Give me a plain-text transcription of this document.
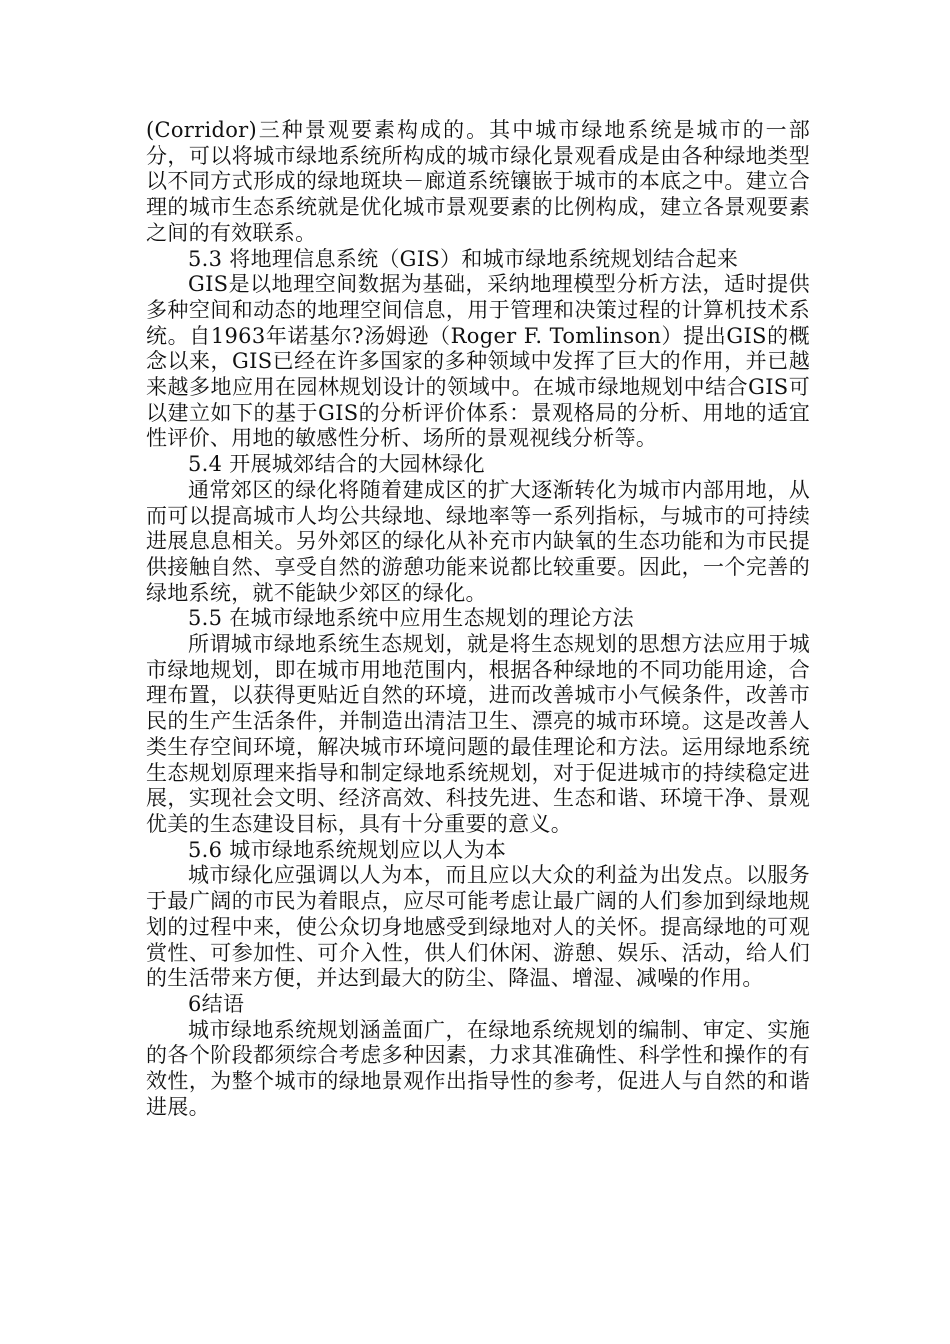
(Corridor)三种景观要素构成的。其中城市绿地系统是城市的一部分，可以将城市绿地系统所构成的城市绿化景观看成是由各种绿地类型以不同方式形成的绿地斑块－廊道系统镶嵌于城市的本底之中。建立合理的城市生态系统就是优化城市景观要素的比例构成，建立各景观要素之间的有效联系。

5.3 将地理信息系统（GIS）和城市绿地系统规划结合起来

GIS是以地理空间数据为基础，采纳地理模型分析方法，适时提供多种空间和动态的地理空间信息，用于管理和决策过程的计算机技术系统。自1963年诺基尔?汤姆逊（Roger F. Tomlinson）提出GIS的概念以来，GIS已经在许多国家的多种领域中发挥了巨大的作用，并已越来越多地应用在园林规划设计的领域中。在城市绿地规划中结合GIS可以建立如下的基于GIS的分析评价体系：景观格局的分析、用地的适宜性评价、用地的敏感性分析、场所的景观视线分析等。

5.4 开展城郊结合的大园林绿化

通常郊区的绿化将随着建成区的扩大逐渐转化为城市内部用地，从而可以提高城市人均公共绿地、绿地率等一系列指标，与城市的可持续进展息息相关。另外郊区的绿化从补充市内缺氧的生态功能和为市民提供接触自然、享受自然的游憩功能来说都比较重要。因此，一个完善的绿地系统，就不能缺少郊区的绿化。

5.5 在城市绿地系统中应用生态规划的理论方法

所谓城市绿地系统生态规划，就是将生态规划的思想方法应用于城市绿地规划，即在城市用地范围内，根据各种绿地的不同功能用途，合理布置，以获得更贴近自然的环境，进而改善城市小气候条件，改善市民的生产生活条件，并制造出清洁卫生、漂亮的城市环境。这是改善人类生存空间环境，解决城市环境问题的最佳理论和方法。运用绿地系统生态规划原理来指导和制定绿地系统规划，对于促进城市的持续稳定进展，实现社会文明、经济高效、科技先进、生态和谐、环境干净、景观优美的生态建设目标，具有十分重要的意义。

5.6 城市绿地系统规划应以人为本

城市绿化应强调以人为本，而且应以大众的利益为出发点。以服务于最广阔的市民为着眼点，应尽可能考虑让最广阔的人们参加到绿地规划的过程中来，使公众切身地感受到绿地对人的关怀。提高绿地的可观赏性、可参加性、可介入性，供人们休闲、游憩、娱乐、活动，给人们的生活带来方便，并达到最大的防尘、降温、增湿、减噪的作用。

6结语

城市绿地系统规划涵盖面广，在绿地系统规划的编制、审定、实施的各个阶段都须综合考虑多种因素，力求其准确性、科学性和操作的有效性，为整个城市的绿地景观作出指导性的参考，促进人与自然的和谐进展。
